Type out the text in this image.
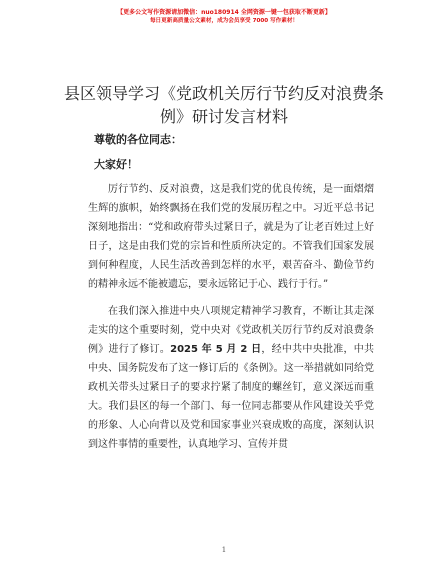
【更多公文写作资源请加微信：nuo180914 全网资源一键一包获取不断更新】
每日更新高质量公文素材，成为会员享受 7000 写作素材！
县区领导学习《党政机关厉行节约反对浪费条例》研讨发言材料
尊敬的各位同志：
大家好！

厉行节约、反对浪费，这是我们党的优良传统，是一面熠熠生辉的旗帜，始终飘扬在我们党的发展历程之中。习近平总书记深刻地指出：“党和政府带头过紧日子，就是为了让老百姓过上好日子，这是由我们党的宗旨和性质所决定的。不管我们国家发展到何种程度，人民生活改善到怎样的水平，艰苦奋斗、勤俭节约的精神永远不能被遗忘，要永远铭记于心、践行于行。”

在我们深入推进中央八项规定精神学习教育，不断让其走深走实的这个重要时刻，党中央对《党政机关厉行节约反对浪费条例》进行了修订。2025 年 5 月 2 日，经中共中央批准，中共中央、国务院发布了这一修订后的《条例》。这一举措就如同给党政机关带头过紧日子的要求拧紧了制度的螺丝钉，意义深远而重大。我们县区的每一个部门、每一位同志都要从作风建设关乎党的形象、人心向背以及党和国家事业兴衰成败的高度，深刻认识到这件事情的重要性，认真地学习、宣传并贯

1
